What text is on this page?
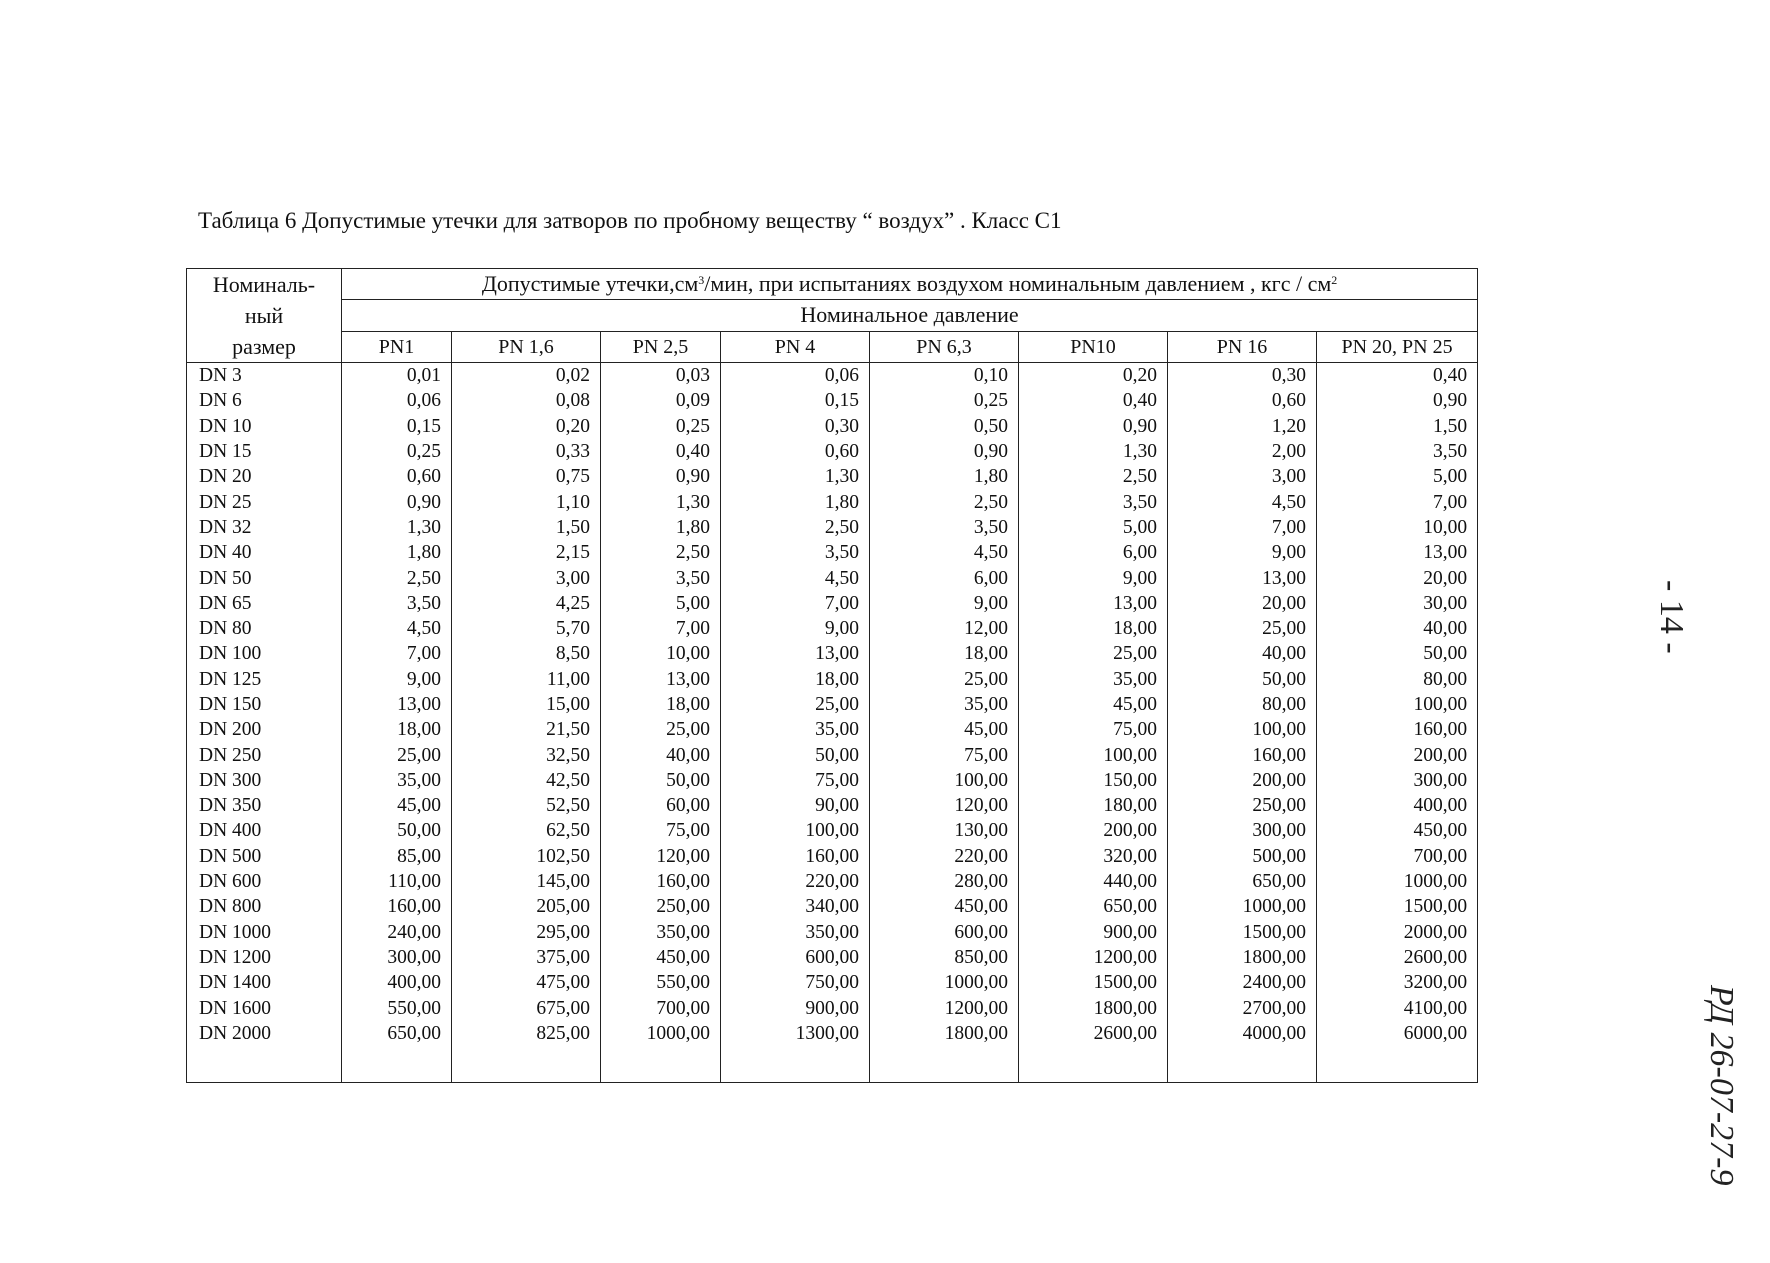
Таблица 6 Допустимые утечки для затворов по пробному веществу “ воздух” . Класс С1
Номиналь-
ный
размер	Допустимые $утечки,см^3$/мин, при испытаниях воздухом номинальным давлением , кгс / $см^2$
	Номинальное давление							
	PN1	PN 1,6	PN 2,5	PN 4	PN 6,3	PN10	PN 16	PN 20, PN 25
DN 3	0,01	0,02	0,03	0,06	0,10	0,20	0,30	0,40
DN 6	0,06	0,08	0,09	0,15	0,25	0,40	0,60	0,90
DN 10	0,15	0,20	0,25	0,30	0,50	0,90	1,20	1,50
DN 15	0,25	0,33	0,40	0,60	0,90	1,30	2,00	3,50
DN 20	0,60	0,75	0,90	1,30	1,80	2,50	3,00	5,00
DN 25	0,90	1,10	1,30	1,80	2,50	3,50	4,50	7,00
DN 32	1,30	1,50	1,80	2,50	3,50	5,00	7,00	10,00
DN 40	1,80	2,15	2,50	3,50	4,50	6,00	9,00	13,00
DN 50	2,50	3,00	3,50	4,50	6,00	9,00	13,00	20,00
DN 65	3,50	4,25	5,00	7,00	9,00	13,00	20,00	30,00
DN 80	4,50	5,70	7,00	9,00	12,00	18,00	25,00	40,00
DN 100	7,00	8,50	10,00	13,00	18,00	25,00	40,00	50,00
DN 125	9,00	11,00	13,00	18,00	25,00	35,00	50,00	80,00
DN 150	13,00	15,00	18,00	25,00	35,00	45,00	80,00	100,00
DN 200	18,00	21,50	25,00	35,00	45,00	75,00	100,00	160,00
DN 250	25,00	32,50	40,00	50,00	75,00	100,00	160,00	200,00
DN 300	35,00	42,50	50,00	75,00	100,00	150,00	200,00	300,00
DN 350	45,00	52,50	60,00	90,00	120,00	180,00	250,00	400,00
DN 400	50,00	62,50	75,00	100,00	130,00	200,00	300,00	450,00
DN 500	85,00	102,50	120,00	160,00	220,00	320,00	500,00	700,00
DN 600	110,00	145,00	160,00	220,00	280,00	440,00	650,00	1000,00
DN 800	160,00	205,00	250,00	340,00	450,00	650,00	1000,00	1500,00
DN 1000	240,00	295,00	350,00	350,00	600,00	900,00	1500,00	2000,00
DN 1200	300,00	375,00	450,00	600,00	850,00	1200,00	1800,00	2600,00
DN 1400	400,00	475,00	550,00	750,00	1000,00	1500,00	2400,00	3200,00
DN 1600	550,00	675,00	700,00	900,00	1200,00	1800,00	2700,00	4100,00
DN 2000	650,00	825,00	1000,00	1300,00	1800,00	2600,00	4000,00	6000,00

- 14 -
РД 26-07-27-9
